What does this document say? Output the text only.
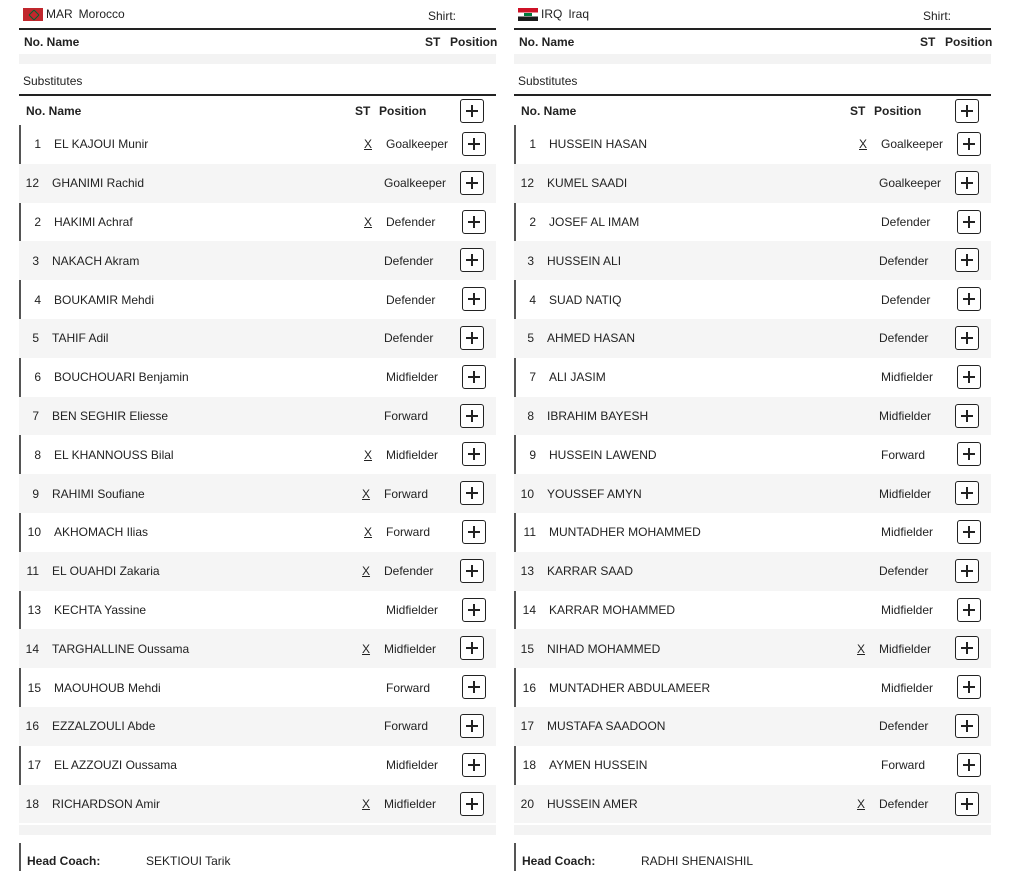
MAR Morocco	Shirt:
No. Name	ST Position
Substitutes
No. Name	ST Position
1 EL KAJOUI Munir	X Goalkeeper
12 GHANIMI Rachid	Goalkeeper
2 HAKIMI Achraf	X Defender
3 NAKACH Akram	Defender
4 BOUKAMIR Mehdi	Defender
5 TAHIF Adil	Defender
6 BOUCHOUARI Benjamin	Midfielder
7 BEN SEGHIR Eliesse	Forward
8 EL KHANNOUSS Bilal	X Midfielder
9 RAHIMI Soufiane	X Forward
10 AKHOMACH Ilias	X Forward
11 EL OUAHDI Zakaria	X Defender
13 KECHTA Yassine	Midfielder
14 TARGHALLINE Oussama	X Midfielder
15 MAOUHOUB Mehdi	Forward
16 EZZALZOULI Abde	Forward
17 EL AZZOUZI Oussama	Midfielder
18 RICHARDSON Amir	X Midfielder
Head Coach:	SEKTIOUI Tarik
IRQ Iraq	Shirt:
No. Name	ST Position
Substitutes
No. Name	ST Position
1 HUSSEIN HASAN	X Goalkeeper
12 KUMEL SAADI	Goalkeeper
2 JOSEF AL IMAM	Defender
3 HUSSEIN ALI	Defender
4 SUAD NATIQ	Defender
5 AHMED HASAN	Defender
7 ALI JASIM	Midfielder
8 IBRAHIM BAYESH	Midfielder
9 HUSSEIN LAWEND	Forward
10 YOUSSEF AMYN	Midfielder
11 MUNTADHER MOHAMMED	Midfielder
13 KARRAR SAAD	Defender
14 KARRAR MOHAMMED	Midfielder
15 NIHAD MOHAMMED	X Midfielder
16 MUNTADHER ABDULAMEER	Midfielder
17 MUSTAFA SAADOON	Defender
18 AYMEN HUSSEIN	Forward
20 HUSSEIN AMER	X Defender
Head Coach:	RADHI SHENAISHIL
